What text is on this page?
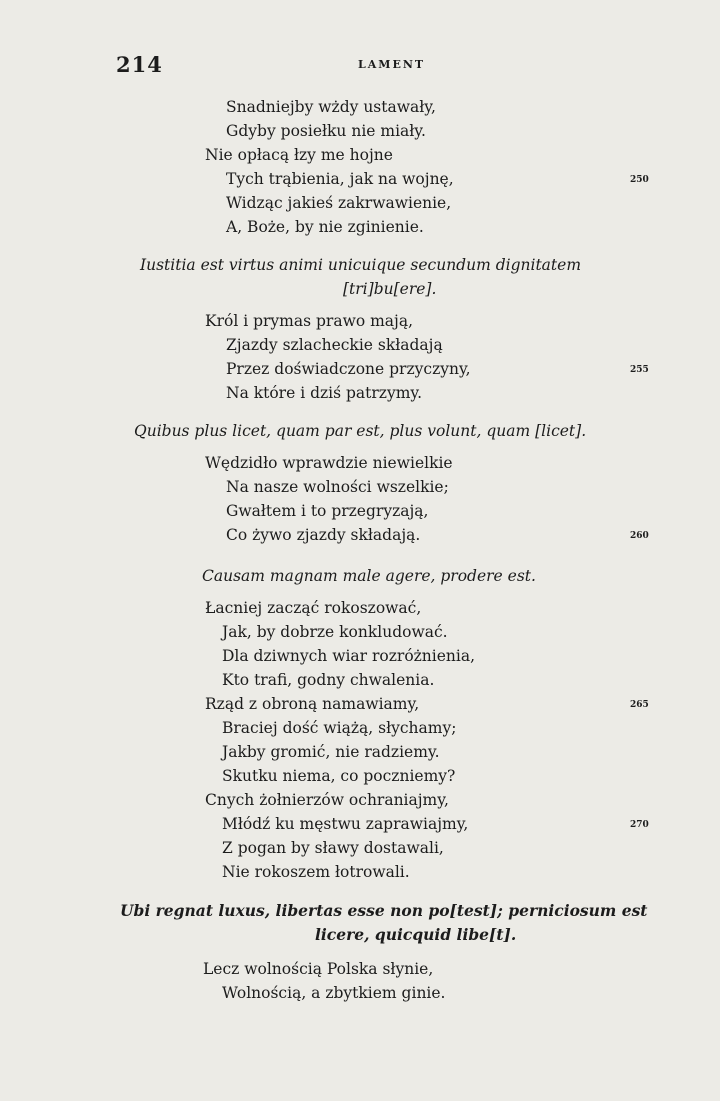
214	LAMENT
Snadniejby wżdy ustawały,
Gdyby posiełku nie miały.
Nie opłacą łzy me hojne
Tych trąbienia, jak na wojnę,	250
Widząc jakieś zakrwawienie,
A, Boże, by nie zginienie.
Iustitia est virtus animi unicuique secundum dignitatem
[tri]bu[ere].
Król i prymas prawo mają,
Zjazdy szlacheckie składają
Przez doświadczone przyczyny,	255
Na które i dziś patrzymy.
Quibus plus licet, quam par est, plus volunt, quam [licet].
Wędzidło wprawdzie niewielkie
Na nasze wolności wszelkie;
Gwałtem i to przegryzają,
Co żywo zjazdy składają.	260
Causam magnam male agere, prodere est.
Łacniej zacząć rokoszować,
Jak, by dobrze konkludować.
Dla dziwnych wiar rozróżnienia,
Kto trafi, godny chwalenia.
Rząd z obroną namawiamy,	265
Braciej dość wiążą, słychamy;
Jakby gromić, nie radziemy.
Skutku niema, co poczniemy?
Cnych żołnierzów ochraniajmy,
Młódź ku męstwu zaprawiajmy,	270
Z pogan by sławy dostawali,
Nie rokoszem łotrowali.
Ubi regnat luxus, libertas esse non po[test]; perniciosum est
licere, quicquid libe[t].
Lecz wolnością Polska słynie,
Wolnością, a zbytkiem ginie.
